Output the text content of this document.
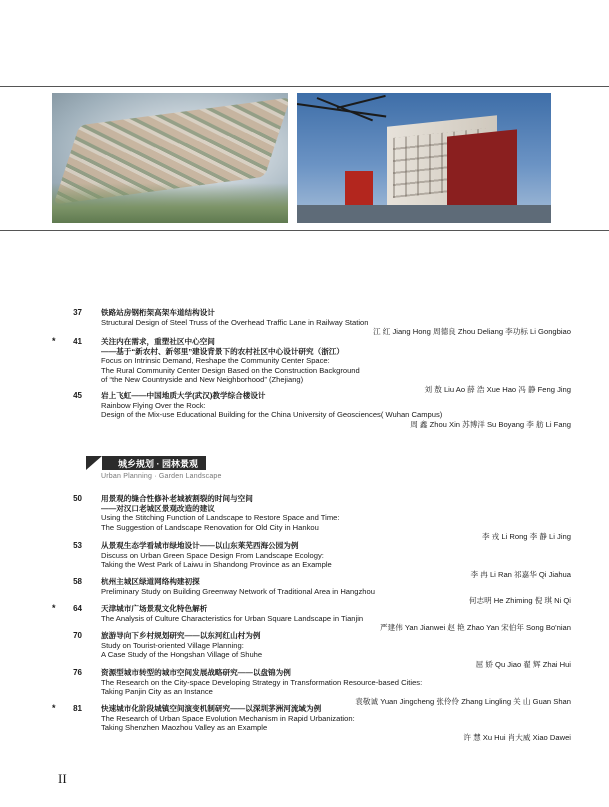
37	铁路站房钢桁架高架车道结构设计
Structural Design of Steel Truss of the Overhead Traffic Lane in Railway Station
江 红 Jiang Hong 周德良 Zhou Deliang 李功标 Li Gongbiao
*	41	关注内在需求，重塑社区中心空间
——基于“新农村、新邻里”建设背景下的农村社区中心设计研究（浙江）
Focus on Intrinsic Demand, Reshape the Community Center Space:
The Rural Community Center Design Based on the Construction Background
of “the New Countryside and New Neighborhood” (Zhejiang)
刘 敖 Liu Ao 薛 浩 Xue Hao 冯 静 Feng Jing
45	岩上飞虹——中国地质大学(武汉)教学综合楼设计
Rainbow Flying Over the Rock:
Design of the Mix-use Educational Building for the China University of Geosciences( Wuhan Campus)
周 鑫 Zhou Xin 苏博洋 Su Boyang 李 舫 Li Fang
城乡规划 · 园林景观
Urban Planning · Garden Landscape
50	用景观的缝合性修补老城被割裂的时间与空间
——对汉口老城区景观改造的建议
Using the Stitching Function of Landscape to Restore Space and Time:
The Suggestion of Landscape Renovation for Old City in Hankou
李 戎 Li Rong 李 静 Li Jing
53	从景观生态学看城市绿地设计——以山东莱芜西海公园为例
Discuss on Urban Green Space Design From Landscape Ecology:
Taking the West Park of Laiwu in Shandong Province as an Example
李 冉 Li Ran 祁嘉华 Qi Jiahua
58	杭州主城区绿道网络构建初探
Preliminary Study on Building Greenway Network of Traditional Area in Hangzhou
何志明 He Zhiming 倪 琪 Ni Qi
*	64	天津城市广场景观文化特色解析
The Analysis of Culture Characteristics for Urban Square Landscape in Tianjin
严建伟 Yan Jianwei 赵 艳 Zhao Yan 宋伯年 Song Bo'nian
70	旅游导向下乡村规划研究——以东河红山村为例
Study on Tourist-oriented Village Planning:
A Case Study of the Hongshan Village of Shuhe
屈 娇 Qu Jiao 翟 辉 Zhai Hui
76	资源型城市转型的城市空间发展战略研究——以盘锦为例
The Research on the City-space Developing Strategy in Transformation Resource-based Cities:
Taking Panjin City as an Instance
袁敬诚 Yuan Jingcheng 张伶伶 Zhang Lingling 关 山 Guan Shan
*	81	快速城市化阶段城镇空间演变机制研究——以深圳茅洲河流域为例
The Research of Urban Space Evolution Mechanism in Rapid Urbanization:
Taking Shenzhen Maozhou Valley as an Example
许 慧 Xu Hui 肖大威 Xiao Dawei
II
